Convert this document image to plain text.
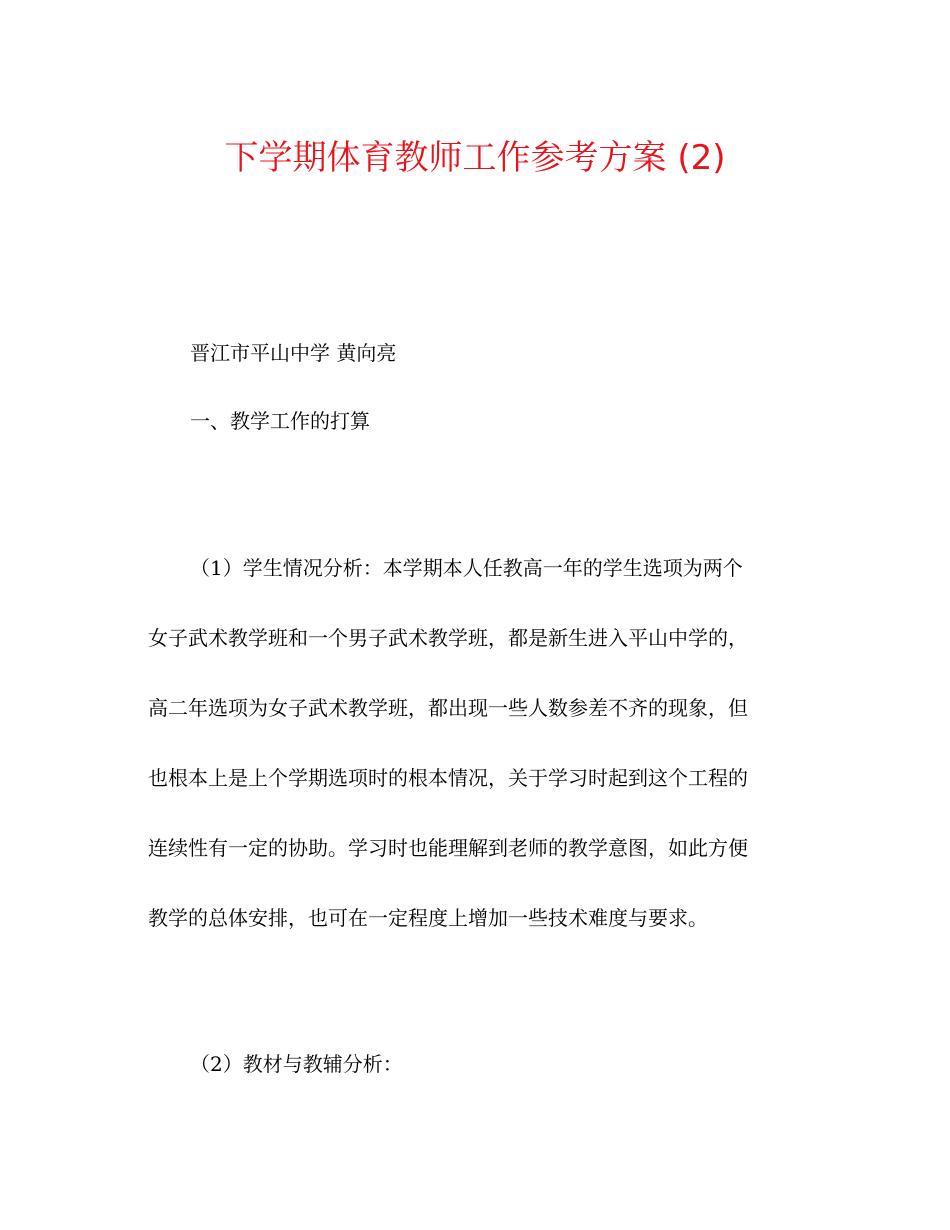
下学期体育教师工作参考方案 (2)
晋江市平山中学 黄向亮
一、教学工作的打算
（1）学生情况分析：本学期本人任教高一年的学生选项为两个
女子武术教学班和一个男子武术教学班，都是新生进入平山中学的，
高二年选项为女子武术教学班，都出现一些人数参差不齐的现象，但
也根本上是上个学期选项时的根本情况，关于学习时起到这个工程的
连续性有一定的协助。学习时也能理解到老师的教学意图，如此方便
教学的总体安排，也可在一定程度上增加一些技术难度与要求。
（2）教材与教辅分析：
